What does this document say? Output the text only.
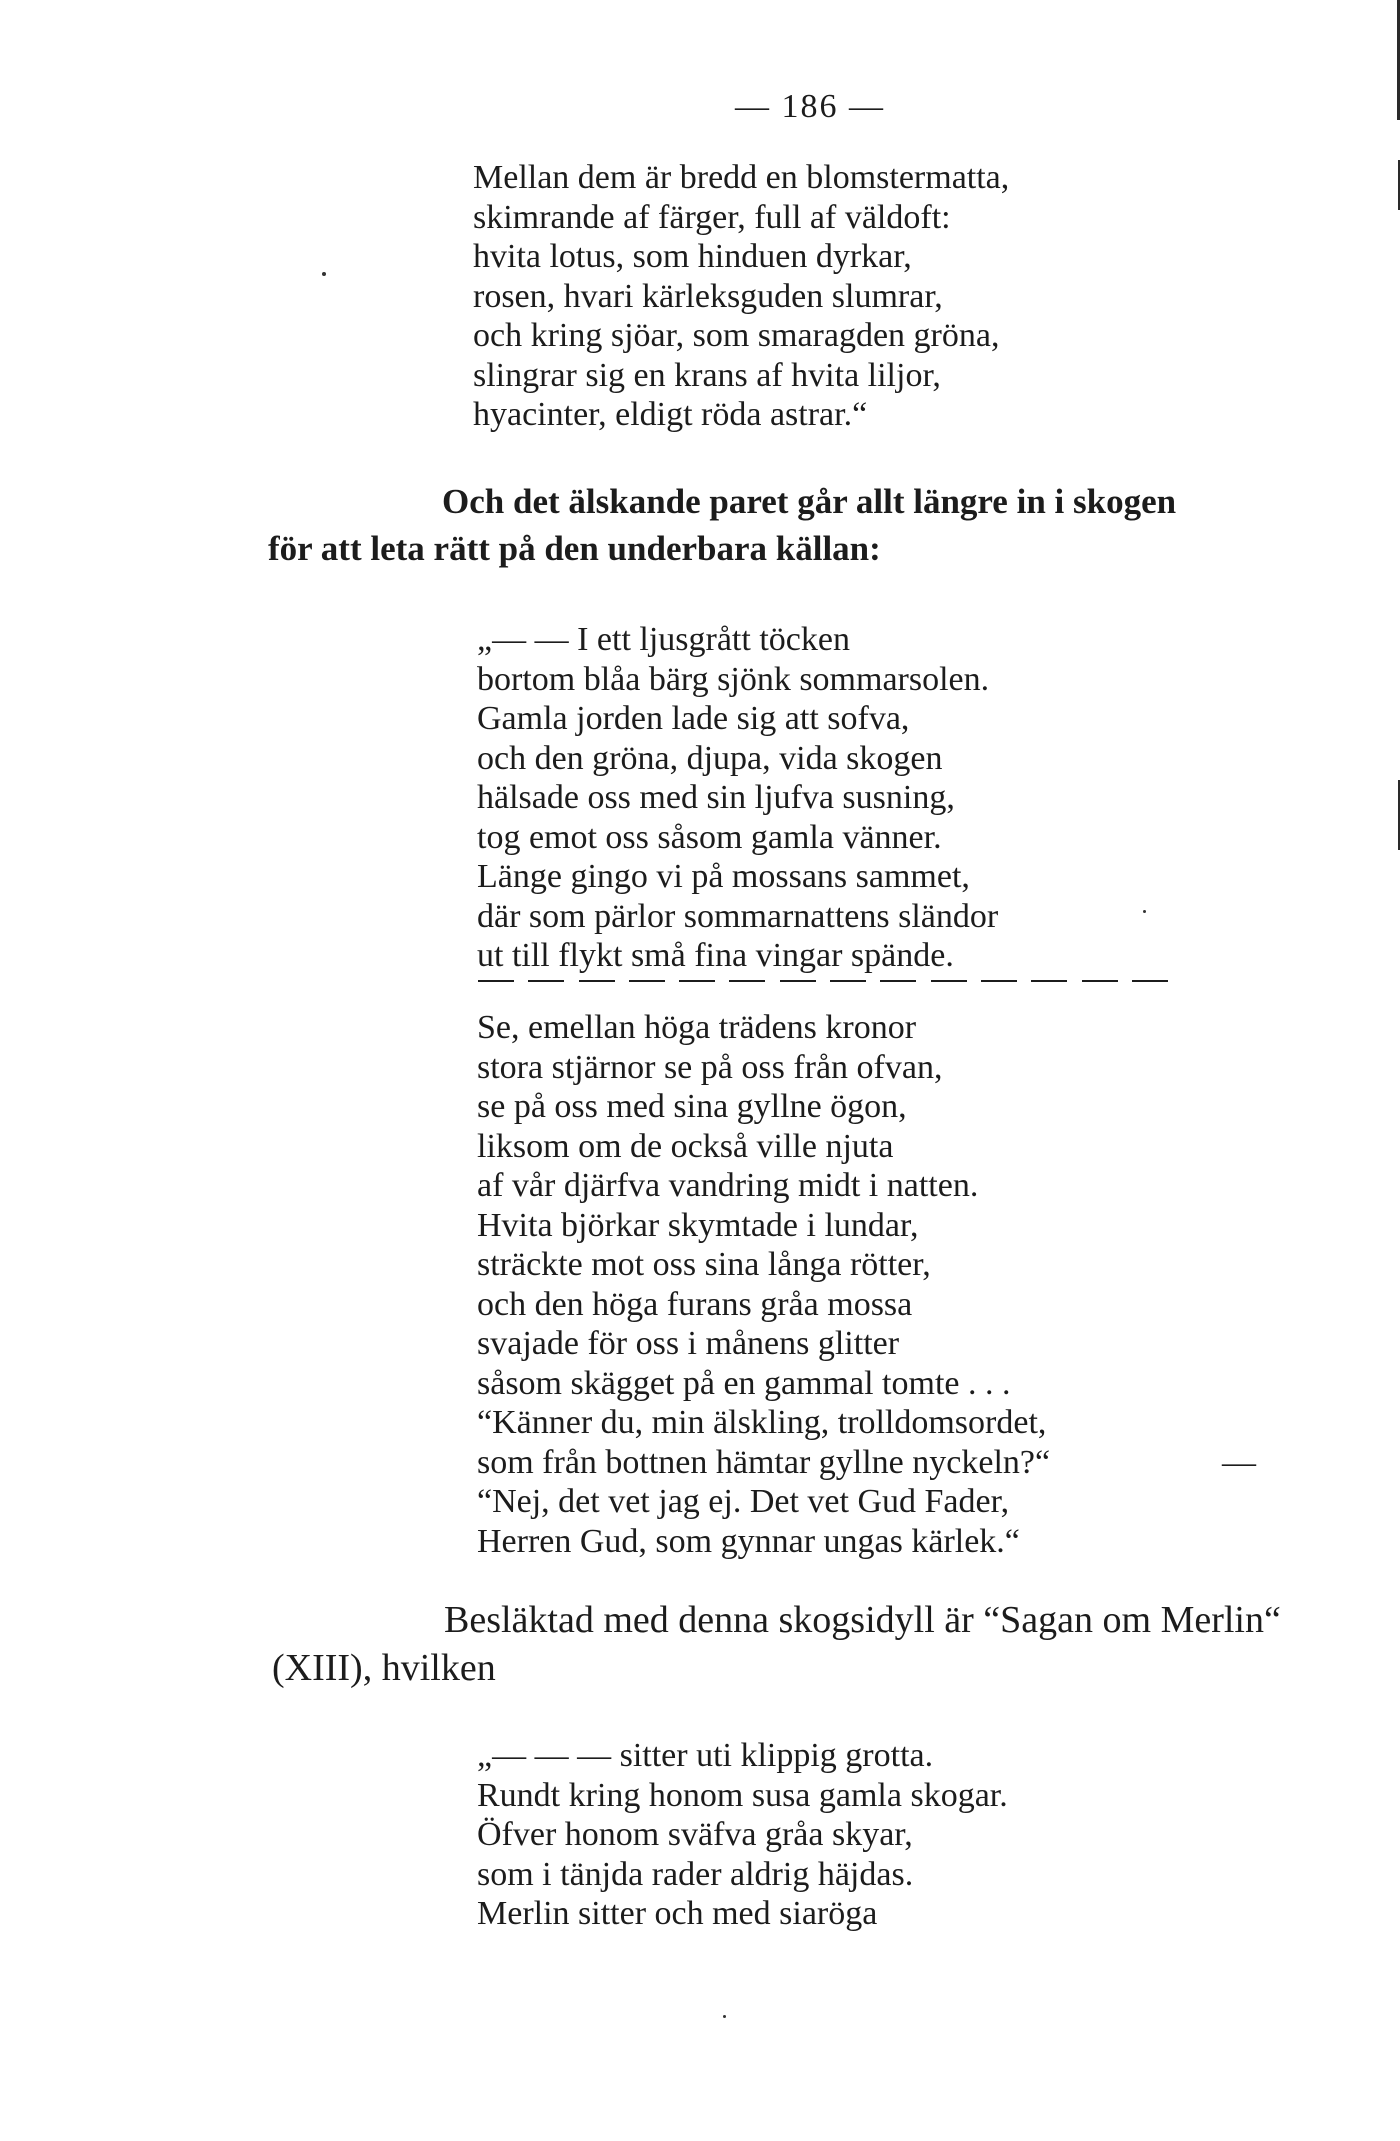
— 186 —
Mellan dem är bredd en blomstermatta,
skimrande af färger, full af väldoft:
hvita lotus, som hinduen dyrkar,
rosen, hvari kärleksguden slumrar,
och kring sjöar, som smaragden gröna,
slingrar sig en krans af hvita liljor,
hyacinter, eldigt röda astrar.“
Och det älskande paret går allt längre in i skogen
för att leta rätt på den underbara källan:
„— — I ett ljusgrått töcken
bortom blåa bärg sjönk sommarsolen.
Gamla jorden lade sig att sofva,
och den gröna, djupa, vida skogen
hälsade oss med sin ljufva susning,
tog emot oss såsom gamla vänner.
Länge gingo vi på mossans sammet,
där som pärlor sommarnattens sländor
ut till flykt små fina vingar spände.
Se, emellan höga trädens kronor
stora stjärnor se på oss från ofvan,
se på oss med sina gyllne ögon,
liksom om de också ville njuta
af vår djärfva vandring midt i natten.
Hvita björkar skymtade i lundar,
sträckte mot oss sina långa rötter,
och den höga furans gråa mossa
svajade för oss i månens glitter
såsom skägget på en gammal tomte . . .
“Känner du, min älskling, trolldomsordet,
som från bottnen hämtar gyllne nyckeln?“
“Nej, det vet jag ej. Det vet Gud Fader,
Herren Gud, som gynnar ungas kärlek.“
—
Besläktad med denna skogsidyll är “Sagan om Merlin“
(XIII), hvilken
„— — — sitter uti klippig grotta.
Rundt kring honom susa gamla skogar.
Öfver honom sväfva gråa skyar,
som i tänjda rader aldrig häjdas.
Merlin sitter och med siaröga
